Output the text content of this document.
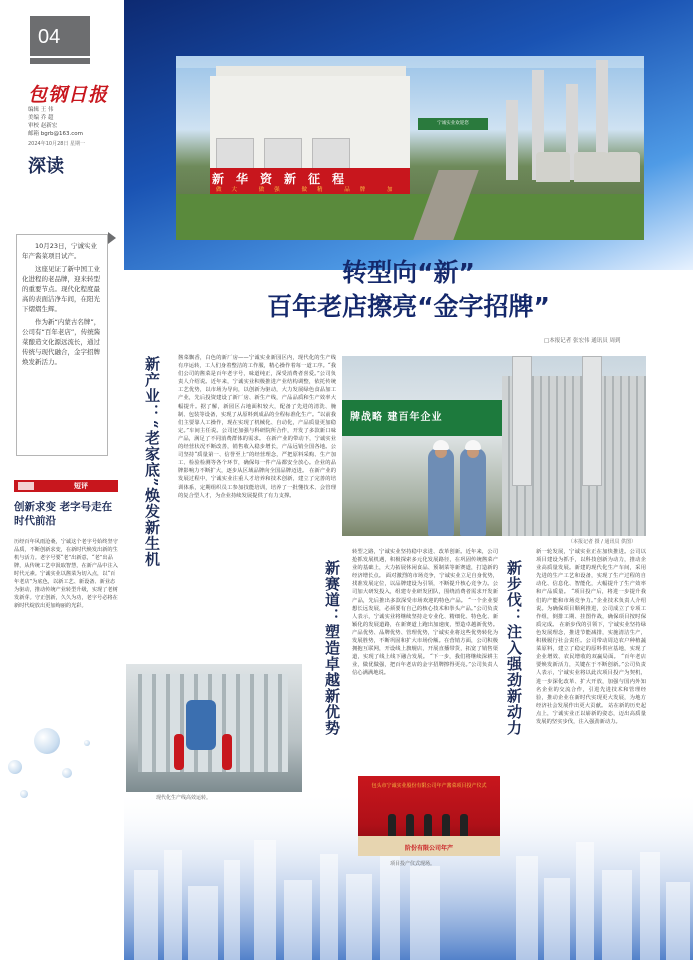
04
包钢日报
编辑 王 伟
美编 乔 超
审校 赵新宏
邮箱 bgrb@163.com
2024年10月28日 星期一
深读

10月23日，宁诚实业年产酱菜项目试产。

这座见证了新中国工业化进程的老品牌，迎来转型的重要节点。现代化程度最高的表面洁净车间，在阳光下熠熠生辉。

作为新“内蒙古名牌”，公司有“百年老店”，传统酱菜酿造文化源远流长，通过传统与现代融合，金字招牌焕发新活力。

短评
创新求变 老字号走在时代前沿
历经百年风雨沧桑，宁诚这个老字号始终坚守品质，不断创新求变，在新时代焕发出新的生机与活力。老字号要“老”出新意，“老”出品牌，从传统工艺中汲取智慧，在新产品中注入时代元素。宁诚实业以酱菜为切入点，以“百年老店”为底色，以新工艺、新设备、新业态为驱动，推动传统产业转型升级，实现了老树发新芽。守正创新，久久为功，老字号必将在新时代绽放出更加绚丽的光彩。
新华资新征程
做大 做强 做精 品牌 加
宁诚实业欢迎您
转型向“新”
百年老店擦亮“金字招牌”
□本报记者 张宏伟 通讯员 周到
新产业：“老家底”焕发新生机	酱菜飘香，白色的新厂房——宁诚实业新园区内，现代化的生产线有序运转，工人们身着整洁的工作服，精心操作着每一道工序。“我们公司的酱菜是百年老字号，味道纯正，深受消费者喜爱。”公司负责人介绍说。近年来，宁诚实业积极推进产业结构调整，依托传统工艺优势，以市场为导向，以创新为驱动，大力发展绿色食品加工产业，先后投资建设了新厂房、新生产线，产品品质和生产效率大幅提升。据了解，新园区占地面积较大，配备了先进的清洗、腌制、包装等设备，实现了从原料到成品的全程标准化生产。“以前我们主要靠人工操作，现在实现了机械化、自动化，产品质量更加稳定。”车间主任说。公司还加强与科研院所合作，开发了多款新口味产品，满足了不同消费群体的需求。 在新产业的带动下，宁诚实业的经营状况不断改善，销售收入稳步增长，产品远销全国各地。公司坚持“质量第一、信誉至上”的经营理念，严把原料采购、生产加工、检验检测等各个环节，确保每一件产品都安全放心。企业的品牌影响力不断扩大，逐步从区域品牌向全国品牌迈进。 在新产业的发展过程中，宁诚实业注重人才培养和技术创新，建立了完善的培训体系，定期组织员工参加技能培训，培养了一批懂技术、会管理的复合型人才，为企业持续发展提供了有力支撑。
牌战略 建百年企业
（本报记者 摄 / 通讯员 供图）
现代化生产线高效运转。
新赛道：塑造卓越新优势
转型之路，宁诚实业坚持稳中求进、改革创新。近年来，公司抢抓发展机遇，积极探索多元化发展路径，在巩固传统酱菜产业的基础上，大力拓展休闲食品、预制菜等新赛道，打造新的经济增长点。 面对激烈的市场竞争，宁诚实业立足自身优势，找准发展定位，以品牌建设为引领，不断提升核心竞争力。公司加大研发投入，组建专业研发团队，围绕消费者需求开发新产品，先后推出多款深受市场欢迎的特色产品。 “一个企业要想长远发展，必须要有自己的核心技术和拳头产品。”公司负责人表示，宁诚实业将继续坚持走专业化、精细化、特色化、新颖化的发展道路，在新赛道上跑出加速度，塑造卓越新优势。 产品优势、品牌优势、管理优势，宁诚实业将这些优势转化为发展胜势，不断巩固和扩大市场份额。在营销方面，公司积极拥抱互联网，开设线上旗舰店，开展直播带货，拓宽了销售渠道，实现了线上线下融合发展。 “下一步，我们将继续深耕主业，做优做强，把百年老店的金字招牌擦得更亮。”公司负责人信心满满地说。
包头市宁诚实业股份有限公司年产酱菜项目投产仪式
阶份有限公司年产
项目投产仪式现场。
新步伐：注入强劲新动力
新一轮发展，宁诚实业正在加快推进。公司以项目建设为抓手，以科技创新为动力，推动企业高质量发展。新建的现代化生产车间，采用先进的生产工艺和设备，实现了生产过程的自动化、信息化、智能化，大幅提升了生产效率和产品质量。 “项目投产后，将进一步提升我们的产能和市场竞争力。”企业技术负责人介绍说。为确保项目顺利推进，公司成立了专项工作组，倒排工期、挂图作战，确保项目按时保质完成。 在新步伐的引领下，宁诚实业坚持绿色发展理念，推进节能减排，实施清洁生产，积极履行社会责任。公司带动周边农户种植蔬菜原料，建立了稳定的原料供应基地，实现了企业增效、农民增收的双赢局面。 “百年老店要焕发新活力，关键在于不断创新。”公司负责人表示，宁诚实业将以此次项目投产为契机，进一步深化改革、扩大开放，加强与国内外知名企业的交流合作，引进先进技术和管理经验，推动企业在新时代实现更大发展，为地方经济社会发展作出更大贡献。 站在新的历史起点上，宁诚实业正以崭新的姿态，迈出高质量发展的坚实步伐，注入强劲新动力。
